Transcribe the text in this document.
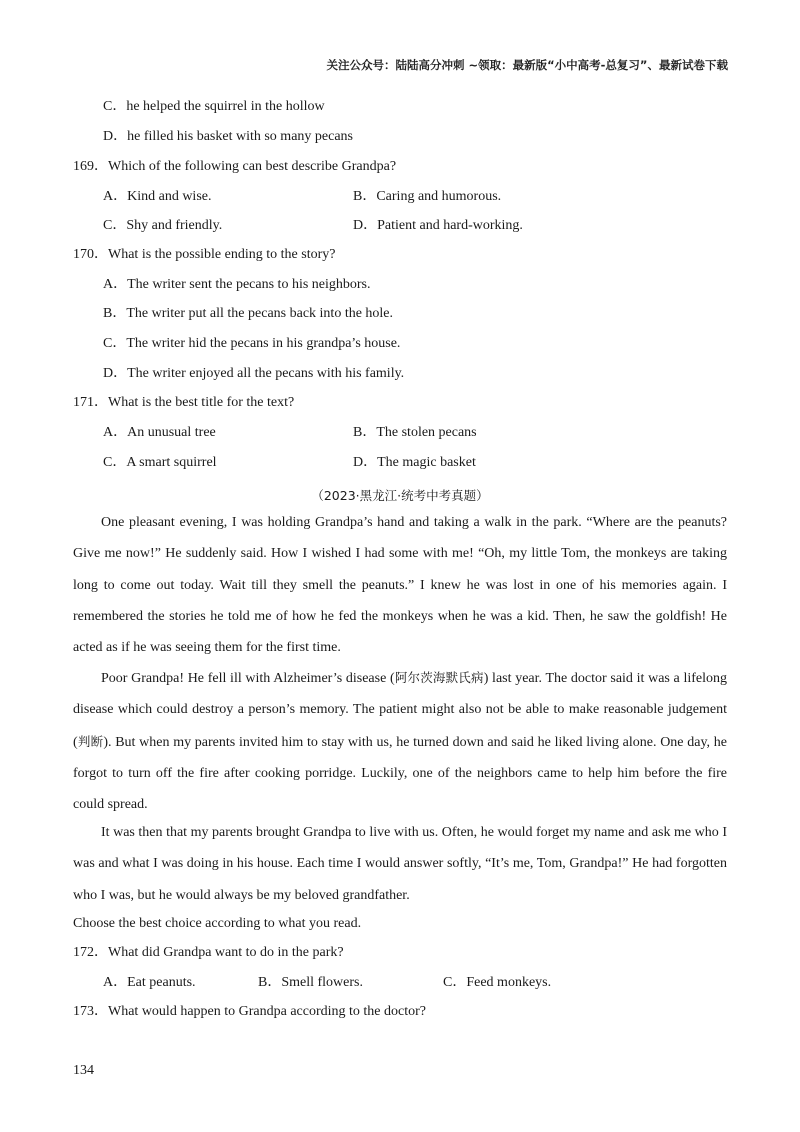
关注公众号：陆陆高分冲刺 ~领取：最新版“小中高考-总复习”、最新试卷下载
C．he helped the squirrel in the hollow
D．he filled his basket with so many pecans
169．Which of the following can best describe Grandpa?
A．Kind and wise.	B．Caring and humorous.
C．Shy and friendly.	D．Patient and hard-working.
170．What is the possible ending to the story?
A．The writer sent the pecans to his neighbors.
B．The writer put all the pecans back into the hole.
C．The writer hid the pecans in his grandpa’s house.
D．The writer enjoyed all the pecans with his family.
171．What is the best title for the text?
A．An unusual tree	B．The stolen pecans
C．A smart squirrel	D．The magic basket
（2023·黑龙江·统考中考真题）

One pleasant evening, I was holding Grandpa’s hand and taking a walk in the park. “Where are the peanuts? Give me now!” He suddenly said. How I wished I had some with me! “Oh, my little Tom, the monkeys are taking long to come out today. Wait till they smell the peanuts.” I knew he was lost in one of his memories again. I remembered the stories he told me of how he fed the monkeys when he was a kid. Then, he saw the goldfish! He acted as if he was seeing them for the first time.

Poor Grandpa! He fell ill with Alzheimer’s disease (阿尔茨海默氏病) last year. The doctor said it was a lifelong disease which could destroy a person’s memory. The patient might also not be able to make reasonable judgement (判断). But when my parents invited him to stay with us, he turned down and said he liked living alone. One day, he forgot to turn off the fire after cooking porridge. Luckily, one of the neighbors came to help him before the fire could spread.

It was then that my parents brought Grandpa to live with us. Often, he would forget my name and ask me who I was and what I was doing in his house. Each time I would answer softly, “It’s me, Tom, Grandpa!” He had forgotten who I was, but he would always be my beloved grandfather.

Choose the best choice according to what you read.
172．What did Grandpa want to do in the park?
A．Eat peanuts.	B．Smell flowers.	C．Feed monkeys.
173．What would happen to Grandpa according to the doctor?
134
